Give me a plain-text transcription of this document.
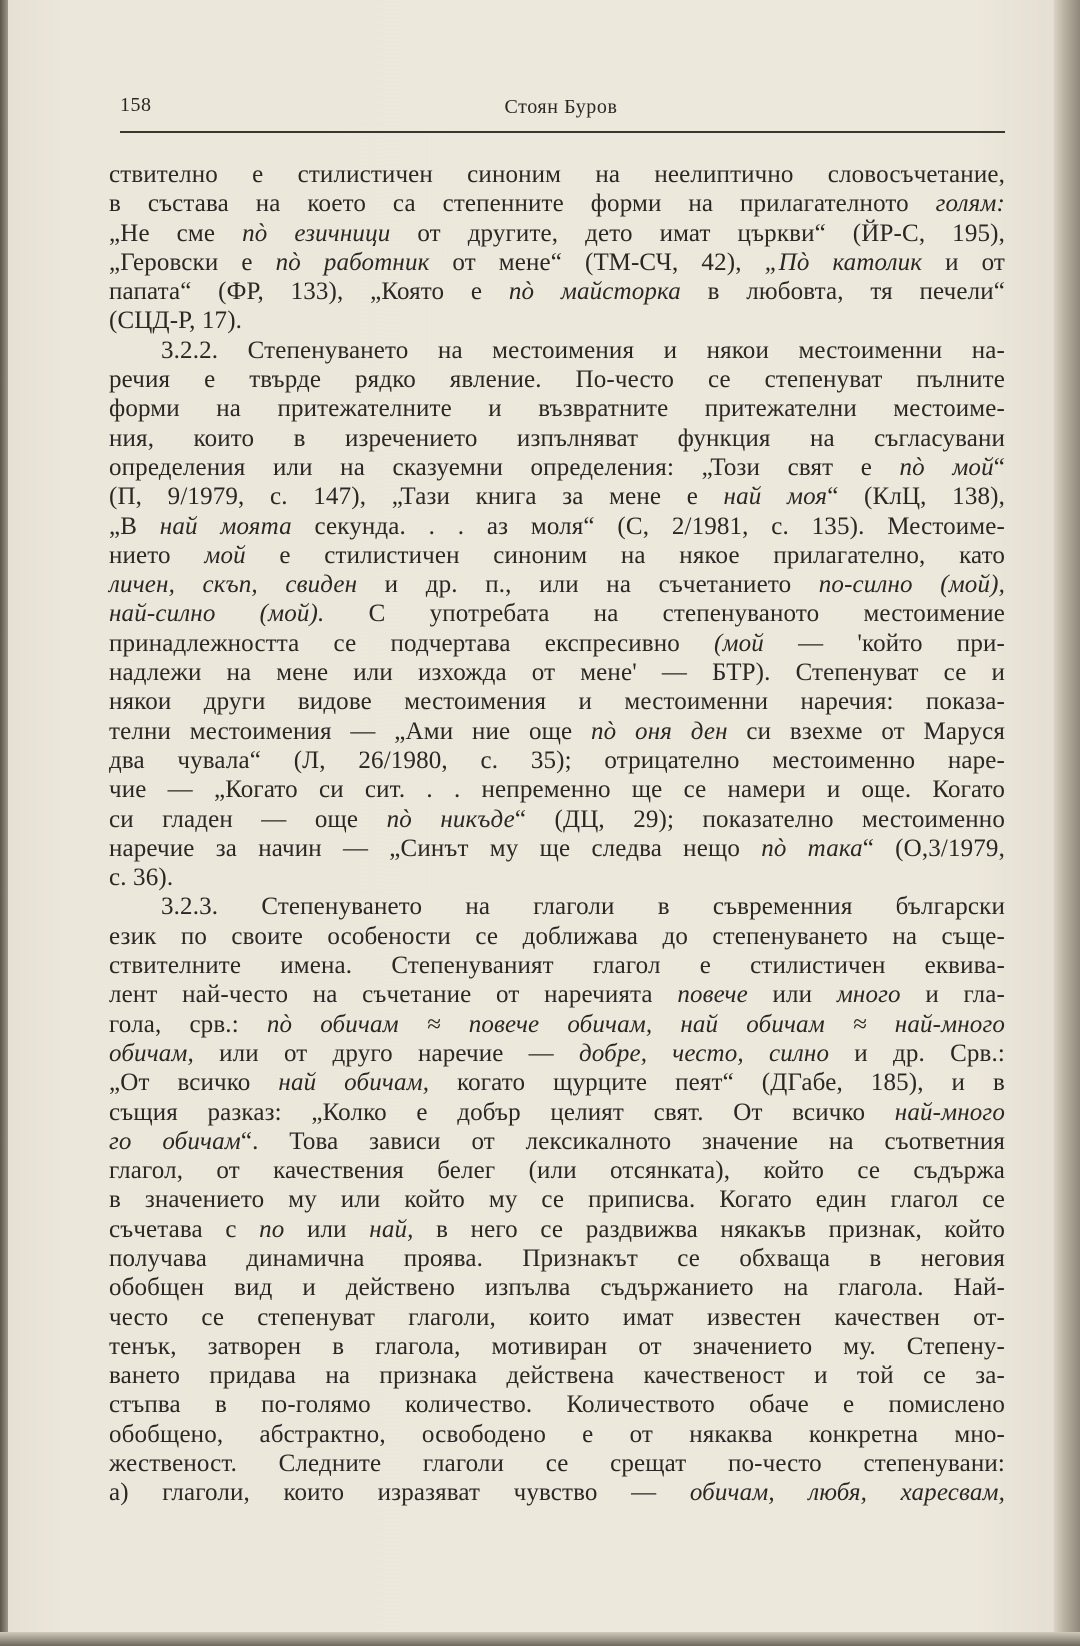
158	Стоян Буров
ствително е стилистичен синоним на неелиптично словосъчетание,
в състава на което са степенните форми на прилагателното голям:
„Не сме пò езичници от другите, дето имат църкви“ (ЙР-С, 195),
„Геровски е пò работник от мене“ (ТМ-СЧ, 42), „Пò католик и от
папата“ (ФР, 133), „Която е пò майсторка в любовта, тя печели“
(СЦД-Р, 17).
3.2.2. Степенуването на местоимения и някои местоименни на-
речия е твърде рядко явление. По-често се степенуват пълните
форми на притежателните и възвратните притежателни местоиме-
ния, които в изречението изпълняват функция на съгласувани
определения или на сказуемни определения: „Този свят е пò мой“
(П, 9/1979, с. 147), „Тази книга за мене е най моя“ (КлЦ, 138),
„В най моята секунда. . . аз моля“ (С, 2/1981, с. 135). Местоиме-
нието мой е стилистичен синоним на някое прилагателно, като
личен, скъп, свиден и др. п., или на съчетанието по-силно (мой),
най-силно (мой). С употребата на степенуваното местоимение
принадлежността се подчертава експресивно (мой — 'който при-
надлежи на мене или изхожда от мене' — БТР). Степенуват се и
някои други видове местоимения и местоименни наречия: показа-
телни местоимения — „Ами ние още пò оня ден си взехме от Маруся
два чувала“ (Л, 26/1980, с. 35); отрицателно местоименно наре-
чие — „Когато си сит. . . непременно ще се намери и още. Когато
си гладен — още пò никъде“ (ДЦ, 29); показателно местоименно
наречие за начин — „Синът му ще следва нещо пò така“ (О,3/1979,
с. 36).
3.2.3. Степенуването на глаголи в съвременния български
език по своите особености се доближава до степенуването на съще-
ствителните имена. Степенуваният глагол е стилистичен еквива-
лент най-често на съчетание от наречията повече или много и гла-
гола, срв.: пò обичам ≈ повече обичам, най обичам ≈ най-много
обичам, или от друго наречие — добре, често, силно и др. Срв.:
„От всичко най обичам, когато щурците пеят“ (ДГабе, 185), и в
същия разказ: „Колко е добър целият свят. От всичко най-много
го обичам“. Това зависи от лексикалното значение на съответния
глагол, от качествения белег (или отсянката), който се съдържа
в значението му или който му се приписва. Когато един глагол се
съчетава с по или най, в него се раздвижва някакъв признак, който
получава динамична проява. Признакът се обхваща в неговия
обобщен вид и действено изпълва съдържанието на глагола. Най-
често се степенуват глаголи, които имат известен качествен от-
тенък, затворен в глагола, мотивиран от значението му. Степену-
ването придава на признака действена качественост и той се за-
стъпва в по-голямо количество. Количеството обаче е помислено
обобщено, абстрактно, освободено е от някаква конкретна мно-
жественост. Следните глаголи се срещат по-често степенувани:
а) глаголи, които изразяват чувство — обичам, любя, харесвам,
